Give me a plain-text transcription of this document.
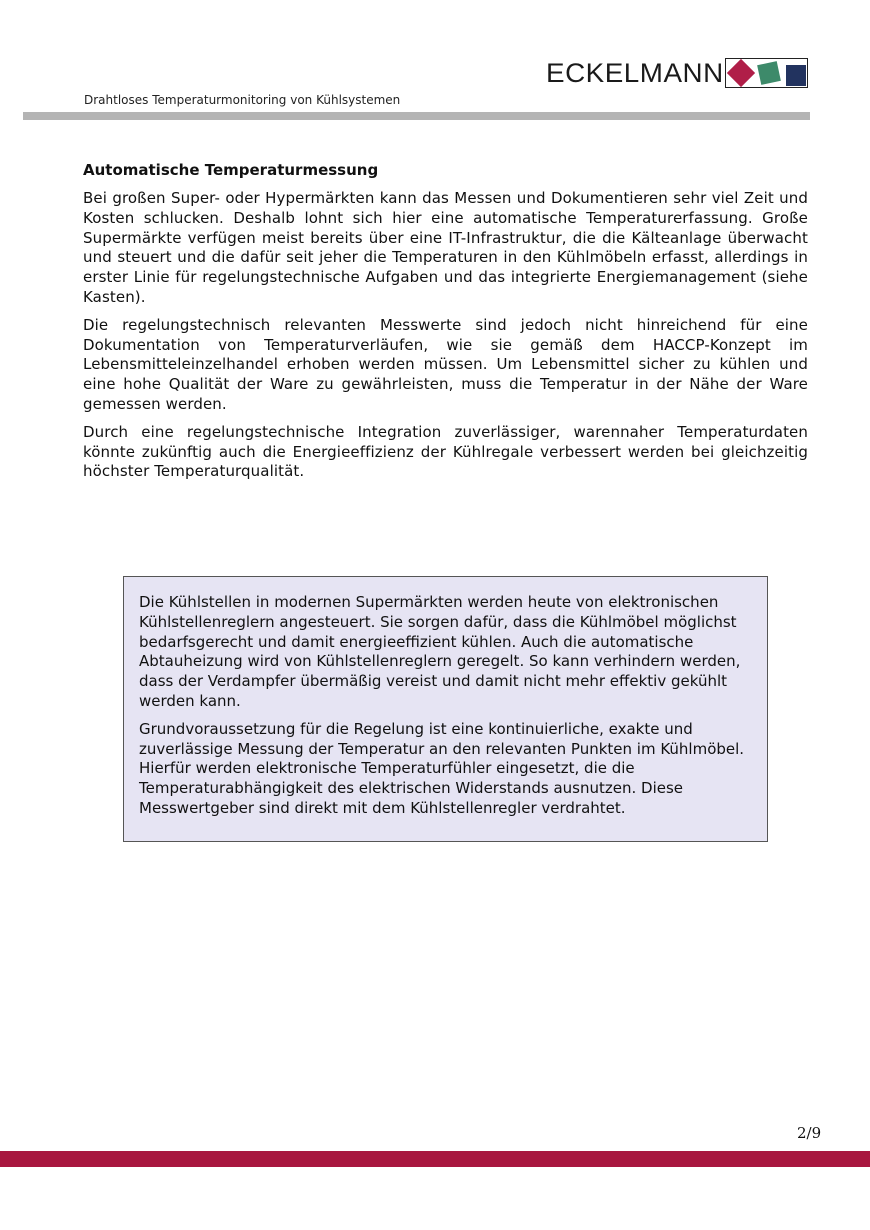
ECKELMANN
Drahtloses Temperaturmonitoring von Kühlsystemen
Automatische Temperaturmessung

Bei großen Super- oder Hypermärkten kann das Messen und Dokumentieren sehr viel Zeit und Kosten schlucken. Deshalb lohnt sich hier eine automatische Temperaturerfassung. Große Supermärkte verfügen meist bereits über eine IT-Infrastruktur, die die Kälteanlage überwacht und steuert und die dafür seit jeher die Temperaturen in den Kühlmöbeln erfasst, allerdings in erster Linie für regelungstechnische Aufgaben und das integrierte Energiemanagement (siehe Kasten).

Die regelungstechnisch relevanten Messwerte sind jedoch nicht hinreichend für eine Dokumentation von Temperaturverläufen, wie sie gemäß dem HACCP-Konzept im Lebensmitteleinzelhandel erhoben werden müssen. Um Lebensmittel sicher zu kühlen und eine hohe Qualität der Ware zu gewährleisten, muss die Temperatur in der Nähe der Ware gemessen werden.

Durch eine regelungstechnische Integration zuverlässiger, warennaher Temperaturdaten könnte zukünftig auch die Energieeffizienz der Kühlregale verbessert werden bei gleichzeitig höchster Temperaturqualität.

Die Kühlstellen in modernen Supermärkten werden heute von elektronischen Kühlstellenreglern angesteuert. Sie sorgen dafür, dass die Kühlmöbel möglichst bedarfsgerecht und damit energieeffizient kühlen. Auch die automatische Abtauheizung wird von Kühlstellenreglern geregelt. So kann verhindern werden, dass der Verdampfer übermäßig vereist und damit nicht mehr effektiv gekühlt werden kann.

Grundvoraussetzung für die Regelung ist eine kontinuierliche, exakte und zuverlässige Messung der Temperatur an den relevanten Punkten im Kühlmöbel. Hierfür werden elektronische Temperaturfühler eingesetzt, die die Temperaturabhängigkeit des elektrischen Widerstands ausnutzen. Diese Messwertgeber sind direkt mit dem Kühlstellenregler verdrahtet.

2/9
